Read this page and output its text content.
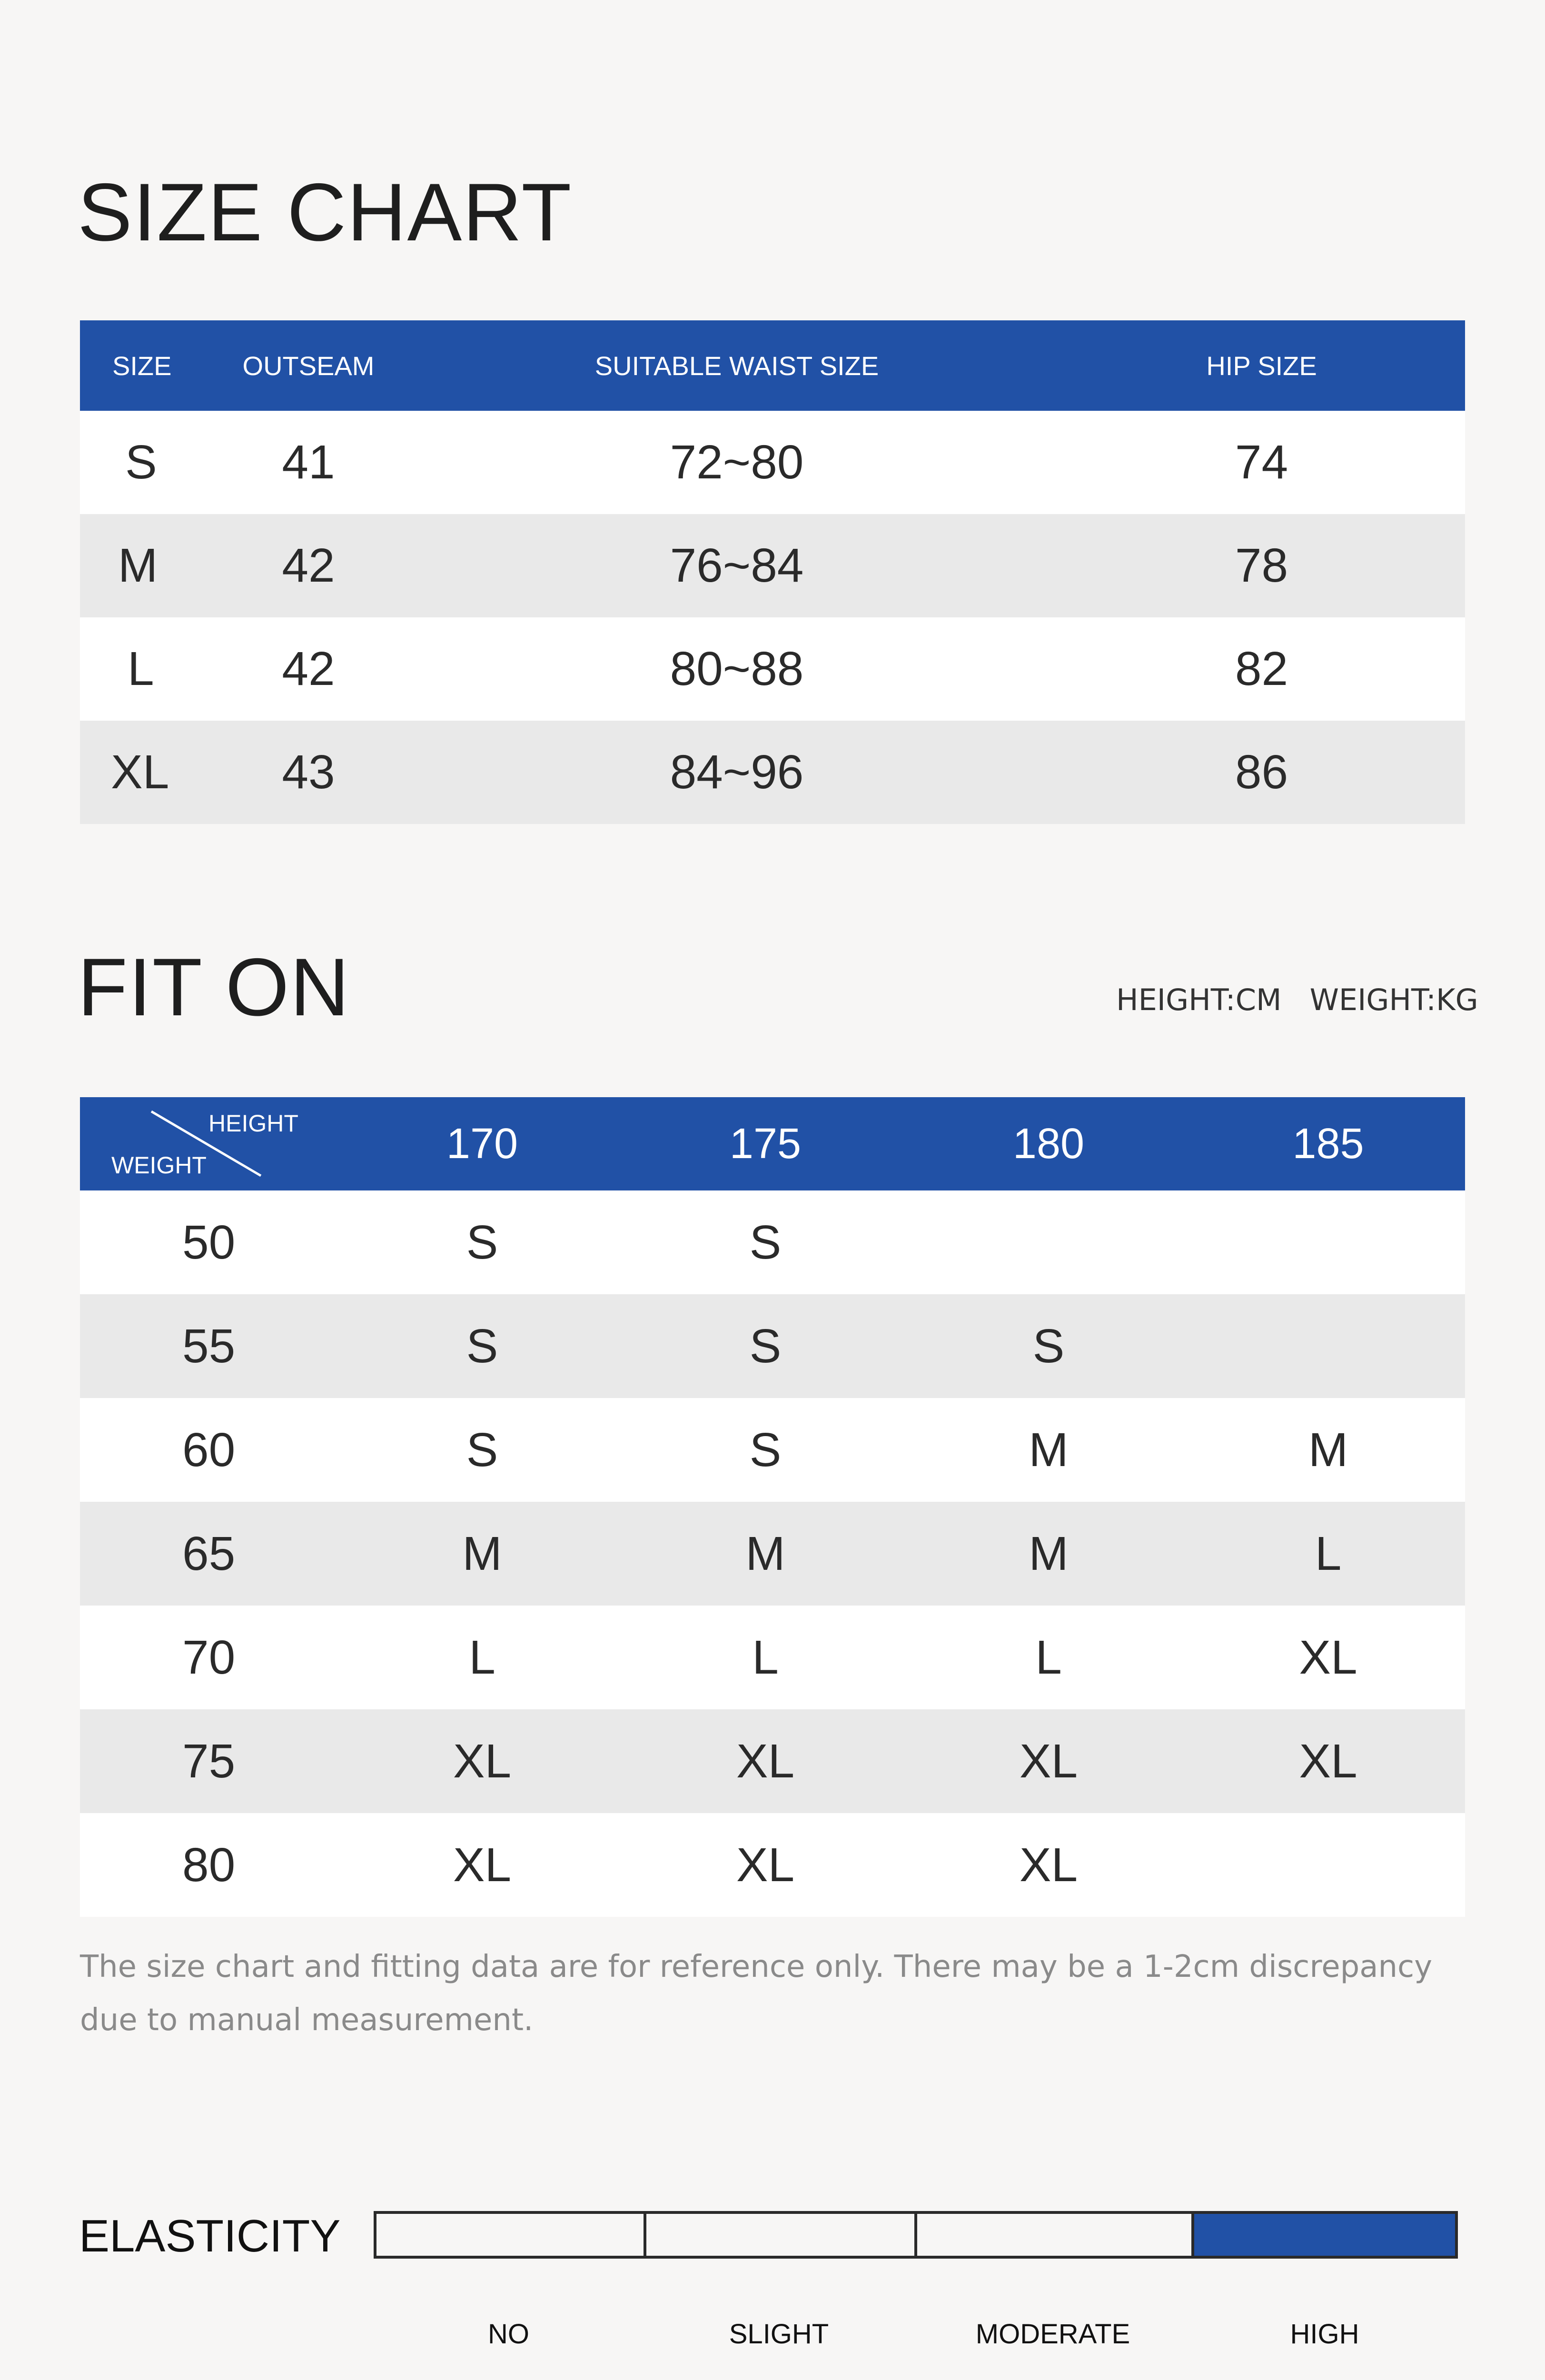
SIZE CHART
SIZE	OUTSEAM	SUITABLE WAIST SIZE	HIP SIZE
S	41	72~80	74
M	42	76~84	78
L	42	80~88	82
XL	43	84~96	86
FIT ON	HEIGHT:CM   WEIGHT:KG
HEIGHT
WEIGHT	170	175	180	185
50	S	S
55	S	S	S
60	S	S	M	M
65	M	M	M	L
70	L	L	L	XL
75	XL	XL	XL	XL
80	XL	XL	XL
The size chart and fitting data are for reference only. There may be a 1-2cm discrepancy due to manual measurement.
ELASTICITY
NO	SLIGHT	MODERATE	HIGH
